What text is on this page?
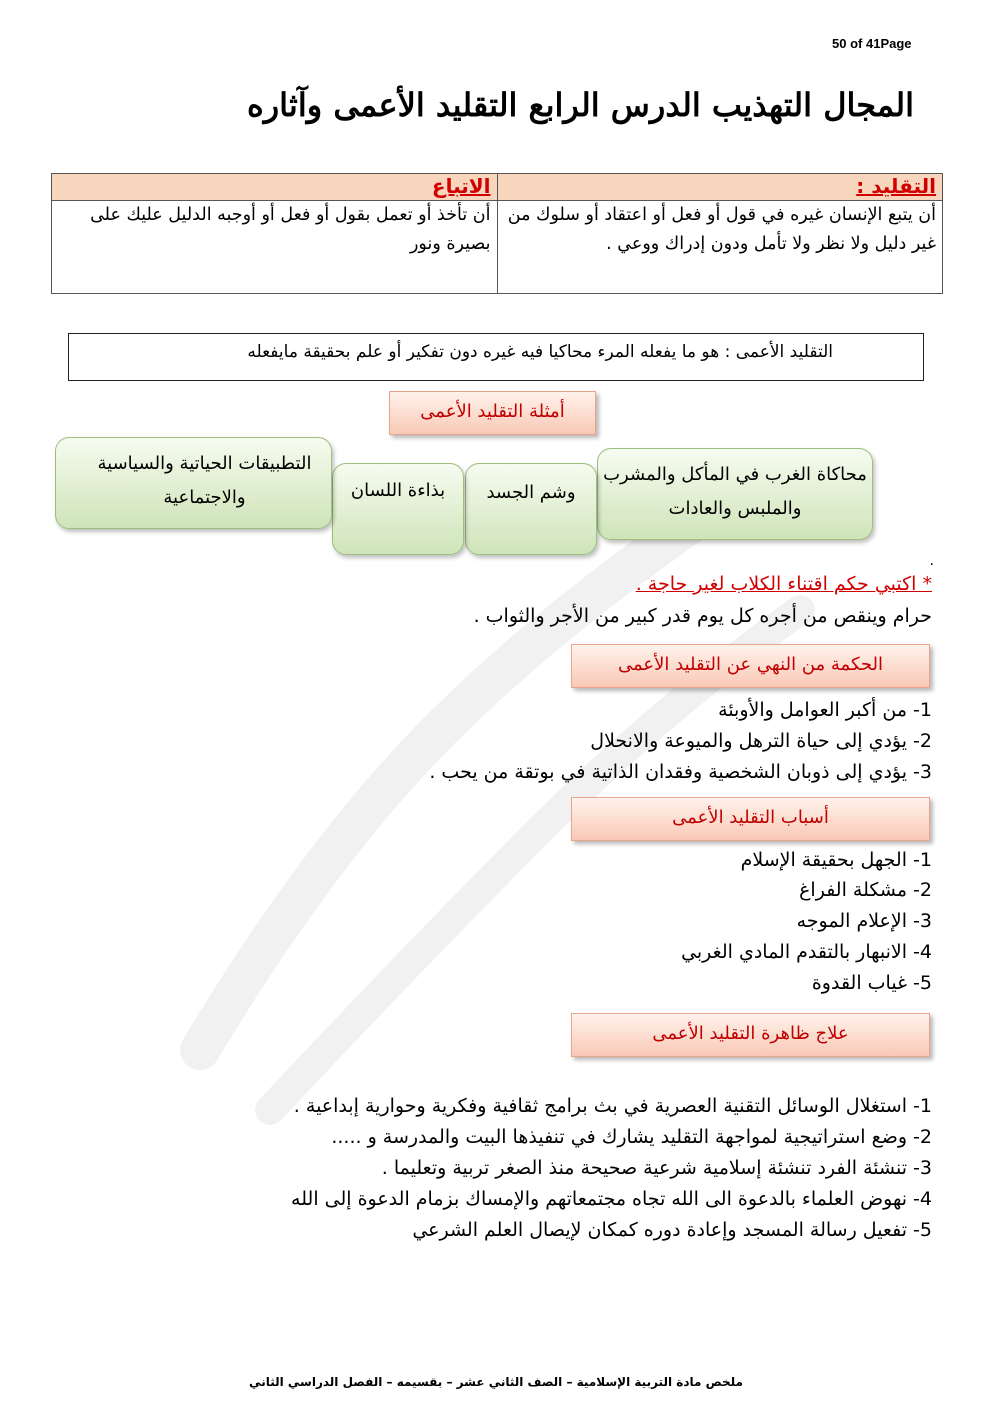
50 of 41Page
المجال التهذيب الدرس الرابع التقليد الأعمى وآثاره
التقليد :	الاتباع
أن يتبع الإنسان غيره في قول أو فعل أو اعتقاد أو سلوك من غير دليل ولا نظر ولا تأمل ودون إدراك ووعي .	أن تأخذ أو تعمل بقول أو فعل أو أوجبه الدليل عليك على بصيرة ونور
التقليد الأعمى : هو ما يفعله المرء محاكيا فيه غيره دون تفكير أو علم بحقيقة مايفعله
أمثلة التقليد الأعمى
محاكاة الغرب في المأكل والمشرب والملبس والعادات
وشم الجسد
بذاءة اللسان
التطبيقات الحياتية والسياسية والاجتماعية
.
* اكتبي حكم اقتناء الكلاب لغير حاجة .
حرام وينقص من أجره كل يوم قدر كبير من الأجر والثواب .
الحكمة من النهي عن التقليد الأعمى
1- من أكبر العوامل والأوبئة
2- يؤدي إلى حياة الترهل والميوعة والانحلال
3- يؤدي إلى ذوبان الشخصية وفقدان الذاتية في بوتقة من يحب .
أسباب التقليد الأعمى
1- الجهل بحقيقة الإسلام
2- مشكلة الفراغ
3- الإعلام الموجه
4- الانبهار بالتقدم المادي الغربي
5- غياب القدوة
علاج ظاهرة التقليد الأعمى
1- استغلال الوسائل التقنية العصرية في بث برامج ثقافية وفكرية وحوارية إبداعية .
2- وضع استراتيجية لمواجهة التقليد يشارك في تنفيذها البيت والمدرسة و .....
3- تنشئة الفرد تنشئة إسلامية شرعية صحيحة منذ الصغر تربية وتعليما .
4- نهوض العلماء بالدعوة الى الله تجاه مجتمعاتهم والإمساك بزمام الدعوة إلى الله
5- تفعيل رسالة المسجد وإعادة دوره كمكان لإيصال العلم الشرعي
ملخص مادة التربية الإسلامية – الصف الثاني عشر – بقسيمه – الفصل الدراسي الثاني
